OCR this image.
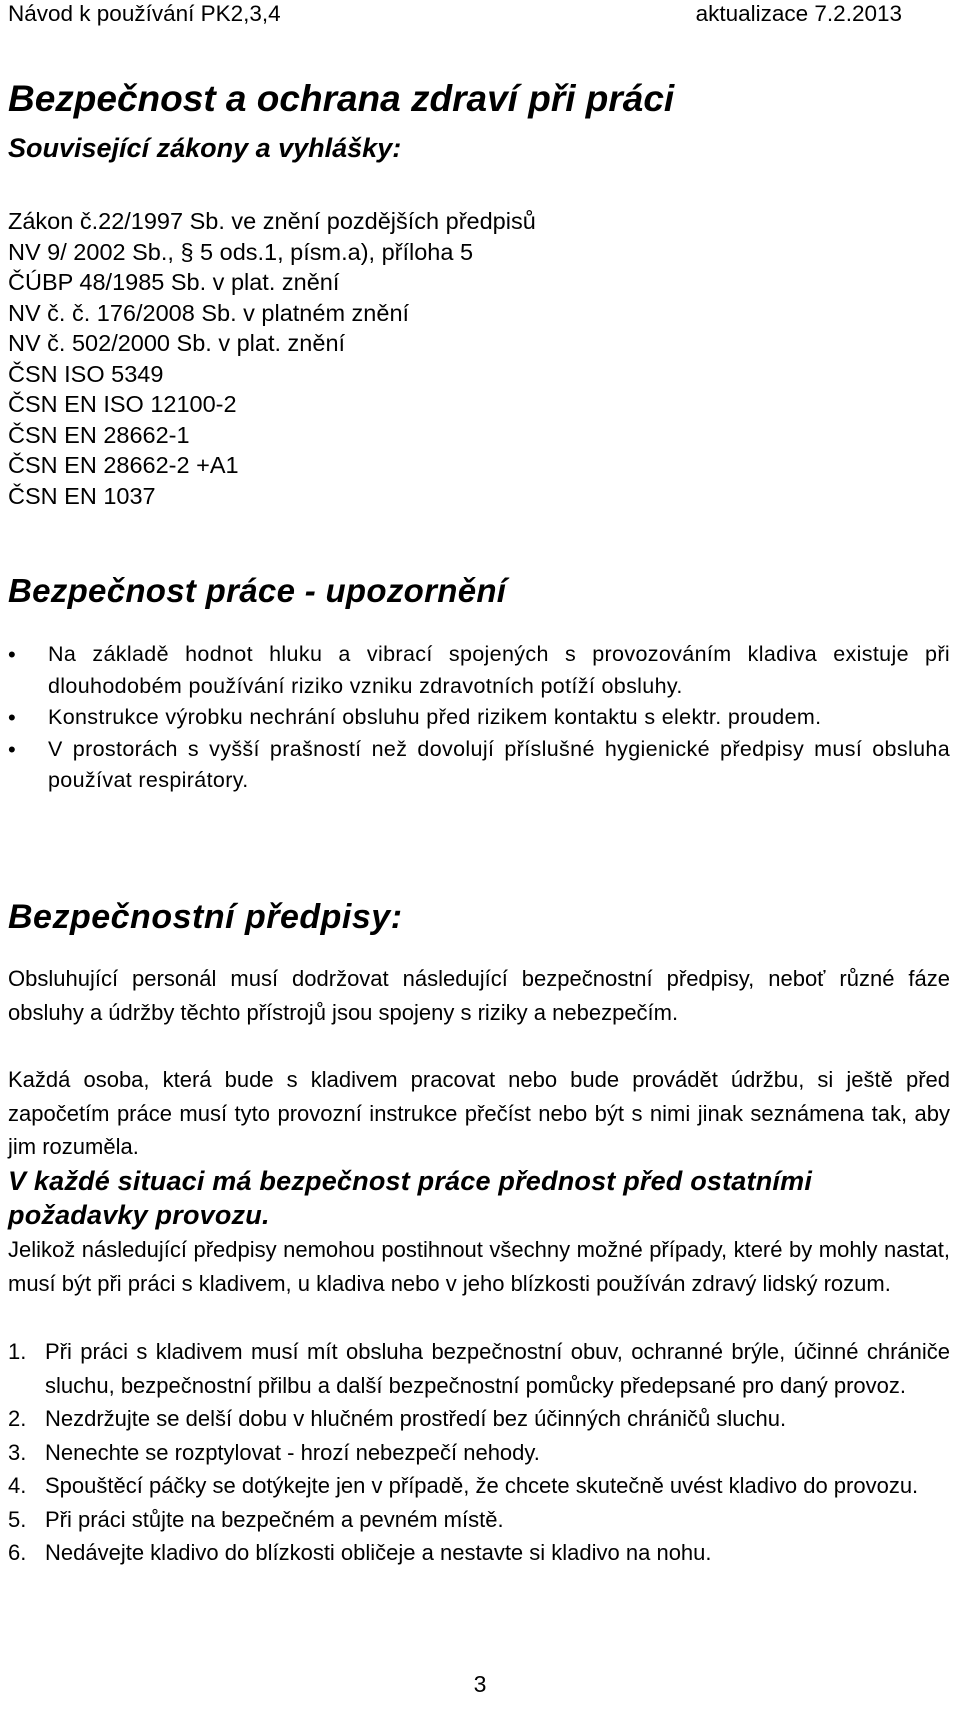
Návod k používání PK2,3,4	aktualizace 7.2.2013
Bezpečnost a ochrana zdraví při práci
Související zákony a vyhlášky:
Zákon č.22/1997 Sb. ve znění pozdějších předpisů
NV 9/ 2002 Sb., § 5 ods.1, písm.a), příloha 5
ČÚBP 48/1985 Sb. v plat. znění
NV č. č. 176/2008 Sb. v platném znění
NV č. 502/2000 Sb. v plat. znění
ČSN ISO 5349
ČSN EN ISO 12100-2
ČSN EN 28662-1
ČSN EN 28662-2 +A1
ČSN EN 1037
Bezpečnost práce - upozornění
• Na základě hodnot hluku a vibrací spojených s provozováním kladiva existuje při dlouhodobém používání riziko vzniku zdravotních potíží obsluhy.
• Konstrukce výrobku nechrání obsluhu před rizikem kontaktu s elektr. proudem.
• V prostorách s vyšší prašností než dovolují příslušné hygienické předpisy musí obsluha používat respirátory.
Bezpečnostní předpisy:
Obsluhující personál musí dodržovat následující bezpečnostní předpisy, neboť různé fáze obsluhy a údržby těchto přístrojů jsou spojeny s riziky a nebezpečím.
Každá osoba, která bude s kladivem pracovat nebo bude provádět údržbu, si ještě před započetím práce musí tyto provozní instrukce přečíst nebo být s nimi jinak seznámena tak, aby jim rozuměla.
V každé situaci má bezpečnost práce přednost před ostatními požadavky provozu.
Jelikož následující předpisy nemohou postihnout všechny možné případy, které by mohly nastat, musí být při práci s kladivem, u kladiva nebo v jeho blízkosti používán zdravý lidský rozum.
1. Při práci s kladivem musí mít obsluha bezpečnostní obuv, ochranné brýle, účinné chrániče sluchu, bezpečnostní přilbu a další bezpečnostní pomůcky předepsané pro daný provoz.
2. Nezdržujte se delší dobu v hlučném prostředí bez účinných chráničů sluchu.
3. Nenechte se rozptylovat - hrozí nebezpečí nehody.
4. Spouštěcí páčky se dotýkejte jen v případě, že chcete skutečně uvést kladivo do provozu.
5. Při práci stůjte na bezpečném a pevném místě.
6. Nedávejte kladivo do blízkosti obličeje a nestavte si kladivo na nohu.
3
